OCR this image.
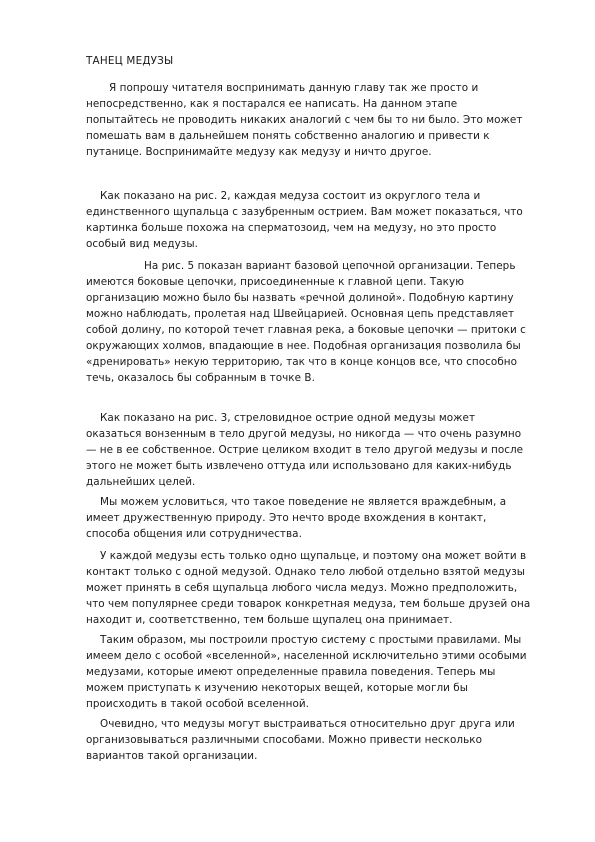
ТАНЕЦ МЕДУЗЫ
Я попрошу читателя воспринимать данную главу так же просто и
непосредственно, как я постарался ее написать. На данном этапе
попытайтесь не проводить никаких аналогий с чем бы то ни было. Это может
помешать вам в дальнейшем понять собственно аналогию и привести к
путанице. Воспринимайте медузу как медузу и ничто другое.
Как показано на рис. 2, каждая медуза состоит из округлого тела и
единственного щупальца с зазубренным острием. Вам может показаться, что
картинка больше похожа на сперматозоид, чем на медузу, но это просто
особый вид медузы.
На рис. 5 показан вариант базовой цепочной организации. Теперь
имеются боковые цепочки, присоединенные к главной цепи. Такую
организацию можно было бы назвать «речной долиной». Подобную картину
можно наблюдать, пролетая над Швейцарией. Основная цепь представляет
собой долину, по которой течет главная река, а боковые цепочки — притоки с
окружающих холмов, впадающие в нее. Подобная организация позволила бы
«дренировать» некую территорию, так что в конце концов все, что способно
течь, оказалось бы собранным в точке В.
Как показано на рис. 3, стреловидное острие одной медузы может
оказаться вонзенным в тело другой медузы, но никогда — что очень разумно
— не в ее собственное. Острие целиком входит в тело другой медузы и после
этого не может быть извлечено оттуда или использовано для каких-нибудь
дальнейших целей.
Мы можем условиться, что такое поведение не является враждебным, а
имеет дружественную природу. Это нечто вроде вхождения в контакт,
способа общения или сотрудничества.
У каждой медузы есть только одно щупальце, и поэтому она может войти в
контакт только с одной медузой. Однако тело любой отдельно взятой медузы
может принять в себя щупальца любого числа медуз. Можно предположить,
что чем популярнее среди товарок конкретная медуза, тем больше друзей она
находит и, соответственно, тем больше щупалец она принимает.
Таким образом, мы построили простую систему с простыми правилами. Мы
имеем дело с особой «вселенной», населенной исключительно этими особыми
медузами, которые имеют определенные правила поведения. Теперь мы
можем приступать к изучению некоторых вещей, которые могли бы
происходить в такой особой вселенной.
Очевидно, что медузы могут выстраиваться относительно друг друга или
организовываться различными способами. Можно привести несколько
вариантов такой организации.
